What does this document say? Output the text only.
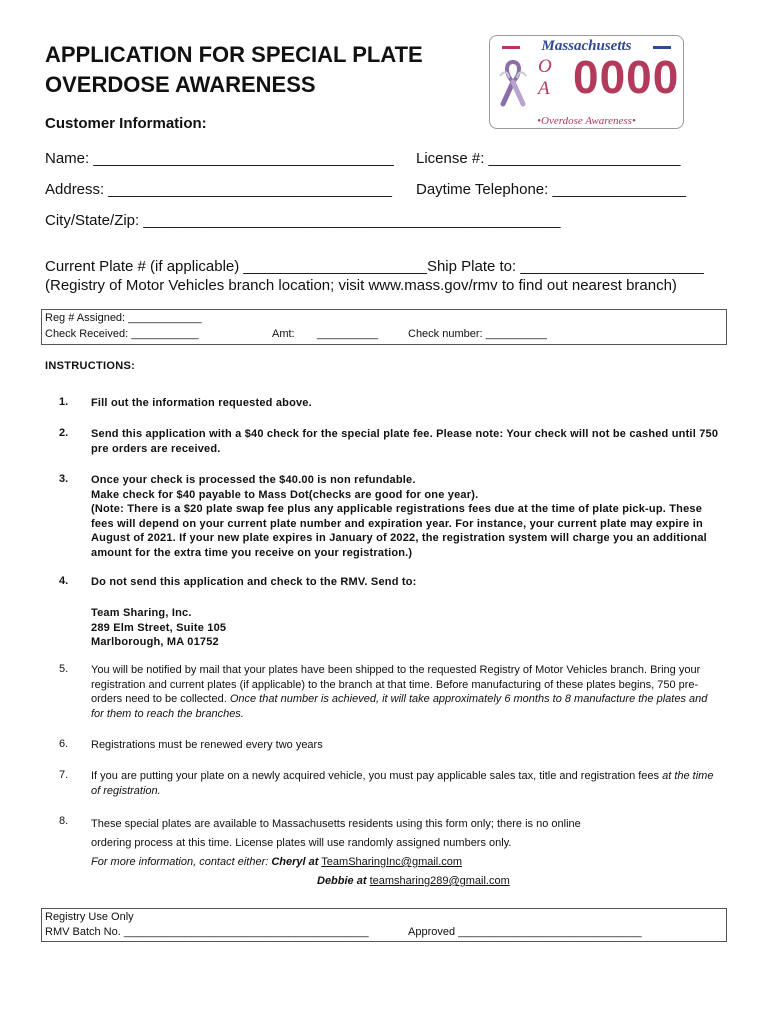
APPLICATION FOR SPECIAL PLATE OVERDOSE AWARENESS
Massachusetts
O
A 0000
•Overdose Awareness•
Customer Information:
Name: ____________________________________ License #: _______________________
Address: __________________________________ Daytime Telephone: ________________
City/State/Zip: __________________________________________________
Current Plate # (if applicable) ______________________Ship Plate to: ______________________
(Registry of Motor Vehicles branch location; visit www.mass.gov/rmv to find out nearest branch)
Reg # Assigned: ____________
Check Received: ___________	Amt: __________	Check number: __________
INSTRUCTIONS:
1. Fill out the information requested above.
2. Send this application with a $40 check for the special plate fee. Please note: Your check will not be cashed until 750 pre orders are received.
3. Once your check is processed the $40.00 is non refundable.
Make check for $40 payable to Mass Dot(checks are good for one year).
(Note: There is a $20 plate swap fee plus any applicable registrations fees due at the time of plate pick-up. These fees will depend on your current plate number and expiration year. For instance, your current plate may expire in August of 2021. If your new plate expires in January of 2022, the registration system will charge you an additional amount for the extra time you receive on your registration.)
4. Do not send this application and check to the RMV. Send to:
Team Sharing, Inc.
289 Elm Street, Suite 105
Marlborough, MA 01752
5. You will be notified by mail that your plates have been shipped to the requested Registry of Motor Vehicles branch. Bring your registration and current plates (if applicable) to the branch at that time. Before manufacturing of these plates begins, 750 pre-orders need to be collected. Once that number is achieved, it will take approximately 6 months to 8 manufacture the plates and for them to reach the branches.
6. Registrations must be renewed every two years
7. If you are putting your plate on a newly acquired vehicle, you must pay applicable sales tax, title and registration fees at the time of registration.
8. These special plates are available to Massachusetts residents using this form only; there is no online
ordering process at this time. License plates will use randomly assigned numbers only.
For more information, contact either: Cheryl at TeamSharingInc@gmail.com
Debbie at teamsharing289@gmail.com
Registry Use Only
RMV Batch No. ________________________________________	Approved ______________________________
